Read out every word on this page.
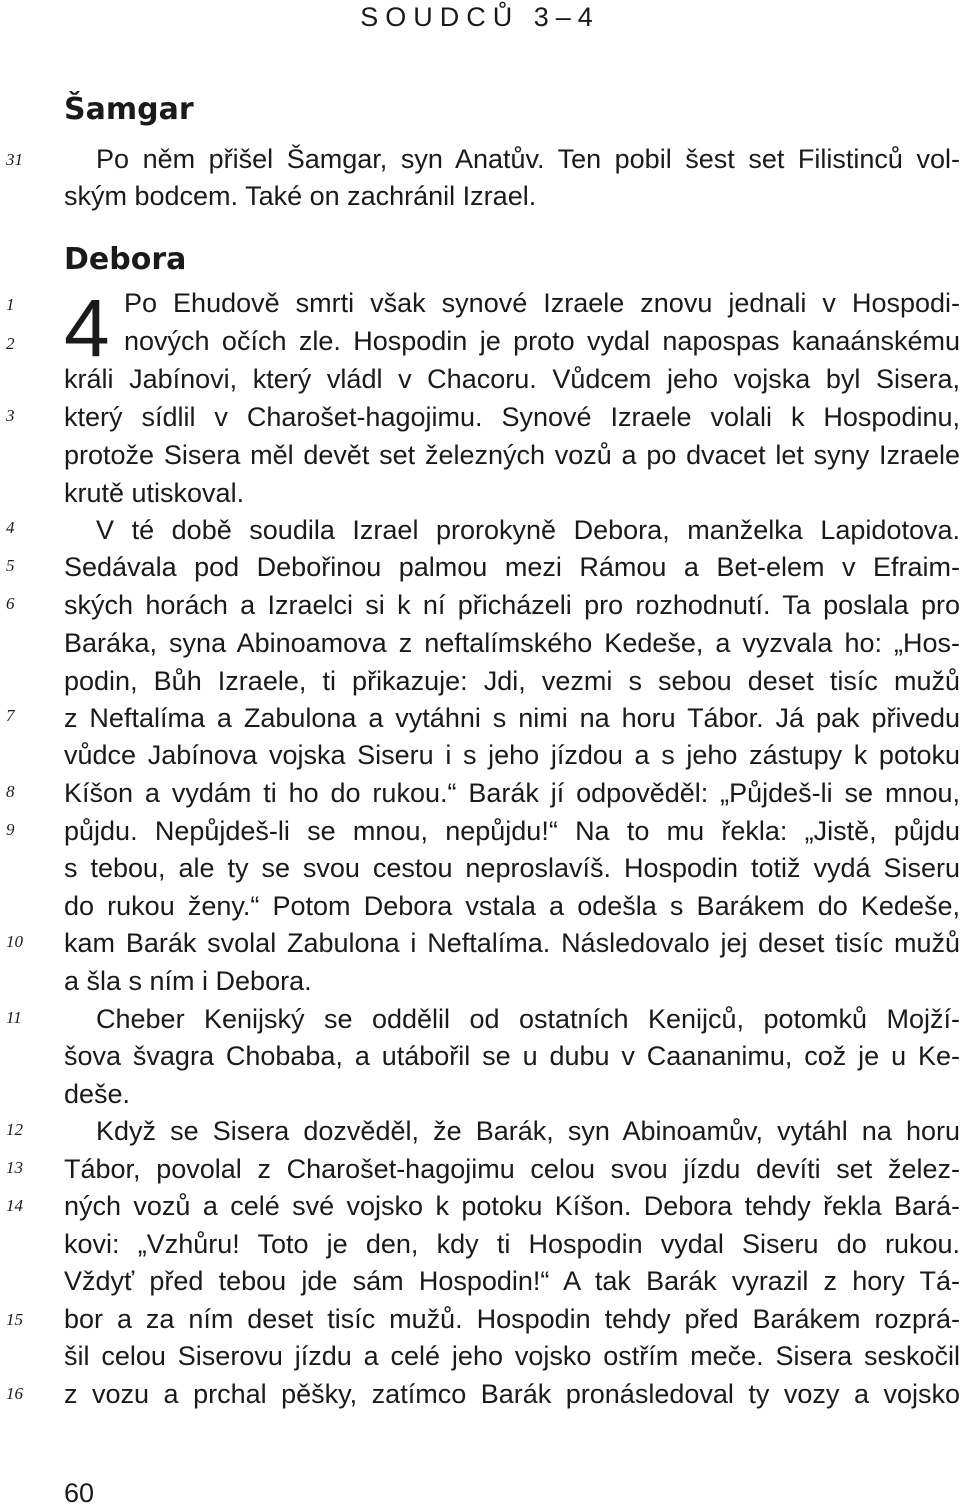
SOUDCŮ 3–4
Šamgar
Debora
4
31
1
2
3
4
5
6
7
8
9
10
11
12
13
14
15
16
Po něm přišel Šamgar, syn Anatův. Ten pobil šest set Filistinců vol-
ským bodcem. Také on zachránil Izrael.
Po Ehudově smrti však synové Izraele znovu jednali v Hospodi-
nových očích zle. Hospodin je proto vydal napospas kanaánskému
králi Jabínovi, který vládl v Chacoru. Vůdcem jeho vojska byl Sisera,
který sídlil v Charošet-hagojimu. Synové Izraele volali k Hospodinu,
protože Sisera měl devět set železných vozů a po dvacet let syny Izraele
krutě utiskoval.
V té době soudila Izrael prorokyně Debora, manželka Lapidotova.
Sedávala pod Debořinou palmou mezi Rámou a Bet-elem v Efraim-
ských horách a Izraelci si k ní přicházeli pro rozhodnutí. Ta poslala pro
Baráka, syna Abinoamova z neftalímského Kedeše, a vyzvala ho: „Hos-
podin, Bůh Izraele, ti přikazuje: Jdi, vezmi s sebou deset tisíc mužů
z Neftalíma a Zabulona a vytáhni s nimi na horu Tábor. Já pak přivedu
vůdce Jabínova vojska Siseru i s jeho jízdou a s jeho zástupy k potoku
Kíšon a vydám ti ho do rukou.“ Barák jí odpověděl: „Půjdeš-li se mnou,
půjdu. Nepůjdeš-li se mnou, nepůjdu!“ Na to mu řekla: „Jistě, půjdu
s tebou, ale ty se svou cestou neproslavíš. Hospodin totiž vydá Siseru
do rukou ženy.“ Potom Debora vstala a odešla s Barákem do Kedeše,
kam Barák svolal Zabulona i Neftalíma. Následovalo jej deset tisíc mužů
a šla s ním i Debora.
Cheber Kenijský se oddělil od ostatních Kenijců, potomků Mojží-
šova švagra Chobaba, a utábořil se u dubu v Caananimu, což je u Ke-
deše.
Když se Sisera dozvěděl, že Barák, syn Abinoamův, vytáhl na horu
Tábor, povolal z Charošet-hagojimu celou svou jízdu devíti set želez-
ných vozů a celé své vojsko k potoku Kíšon. Debora tehdy řekla Bará-
kovi: „Vzhůru! Toto je den, kdy ti Hospodin vydal Siseru do rukou.
Vždyť před tebou jde sám Hospodin!“ A tak Barák vyrazil z hory Tá-
bor a za ním deset tisíc mužů. Hospodin tehdy před Barákem rozprá-
šil celou Siserovu jízdu a celé jeho vojsko ostřím meče. Sisera seskočil
z vozu a prchal pěšky, zatímco Barák pronásledoval ty vozy a vojsko
60
